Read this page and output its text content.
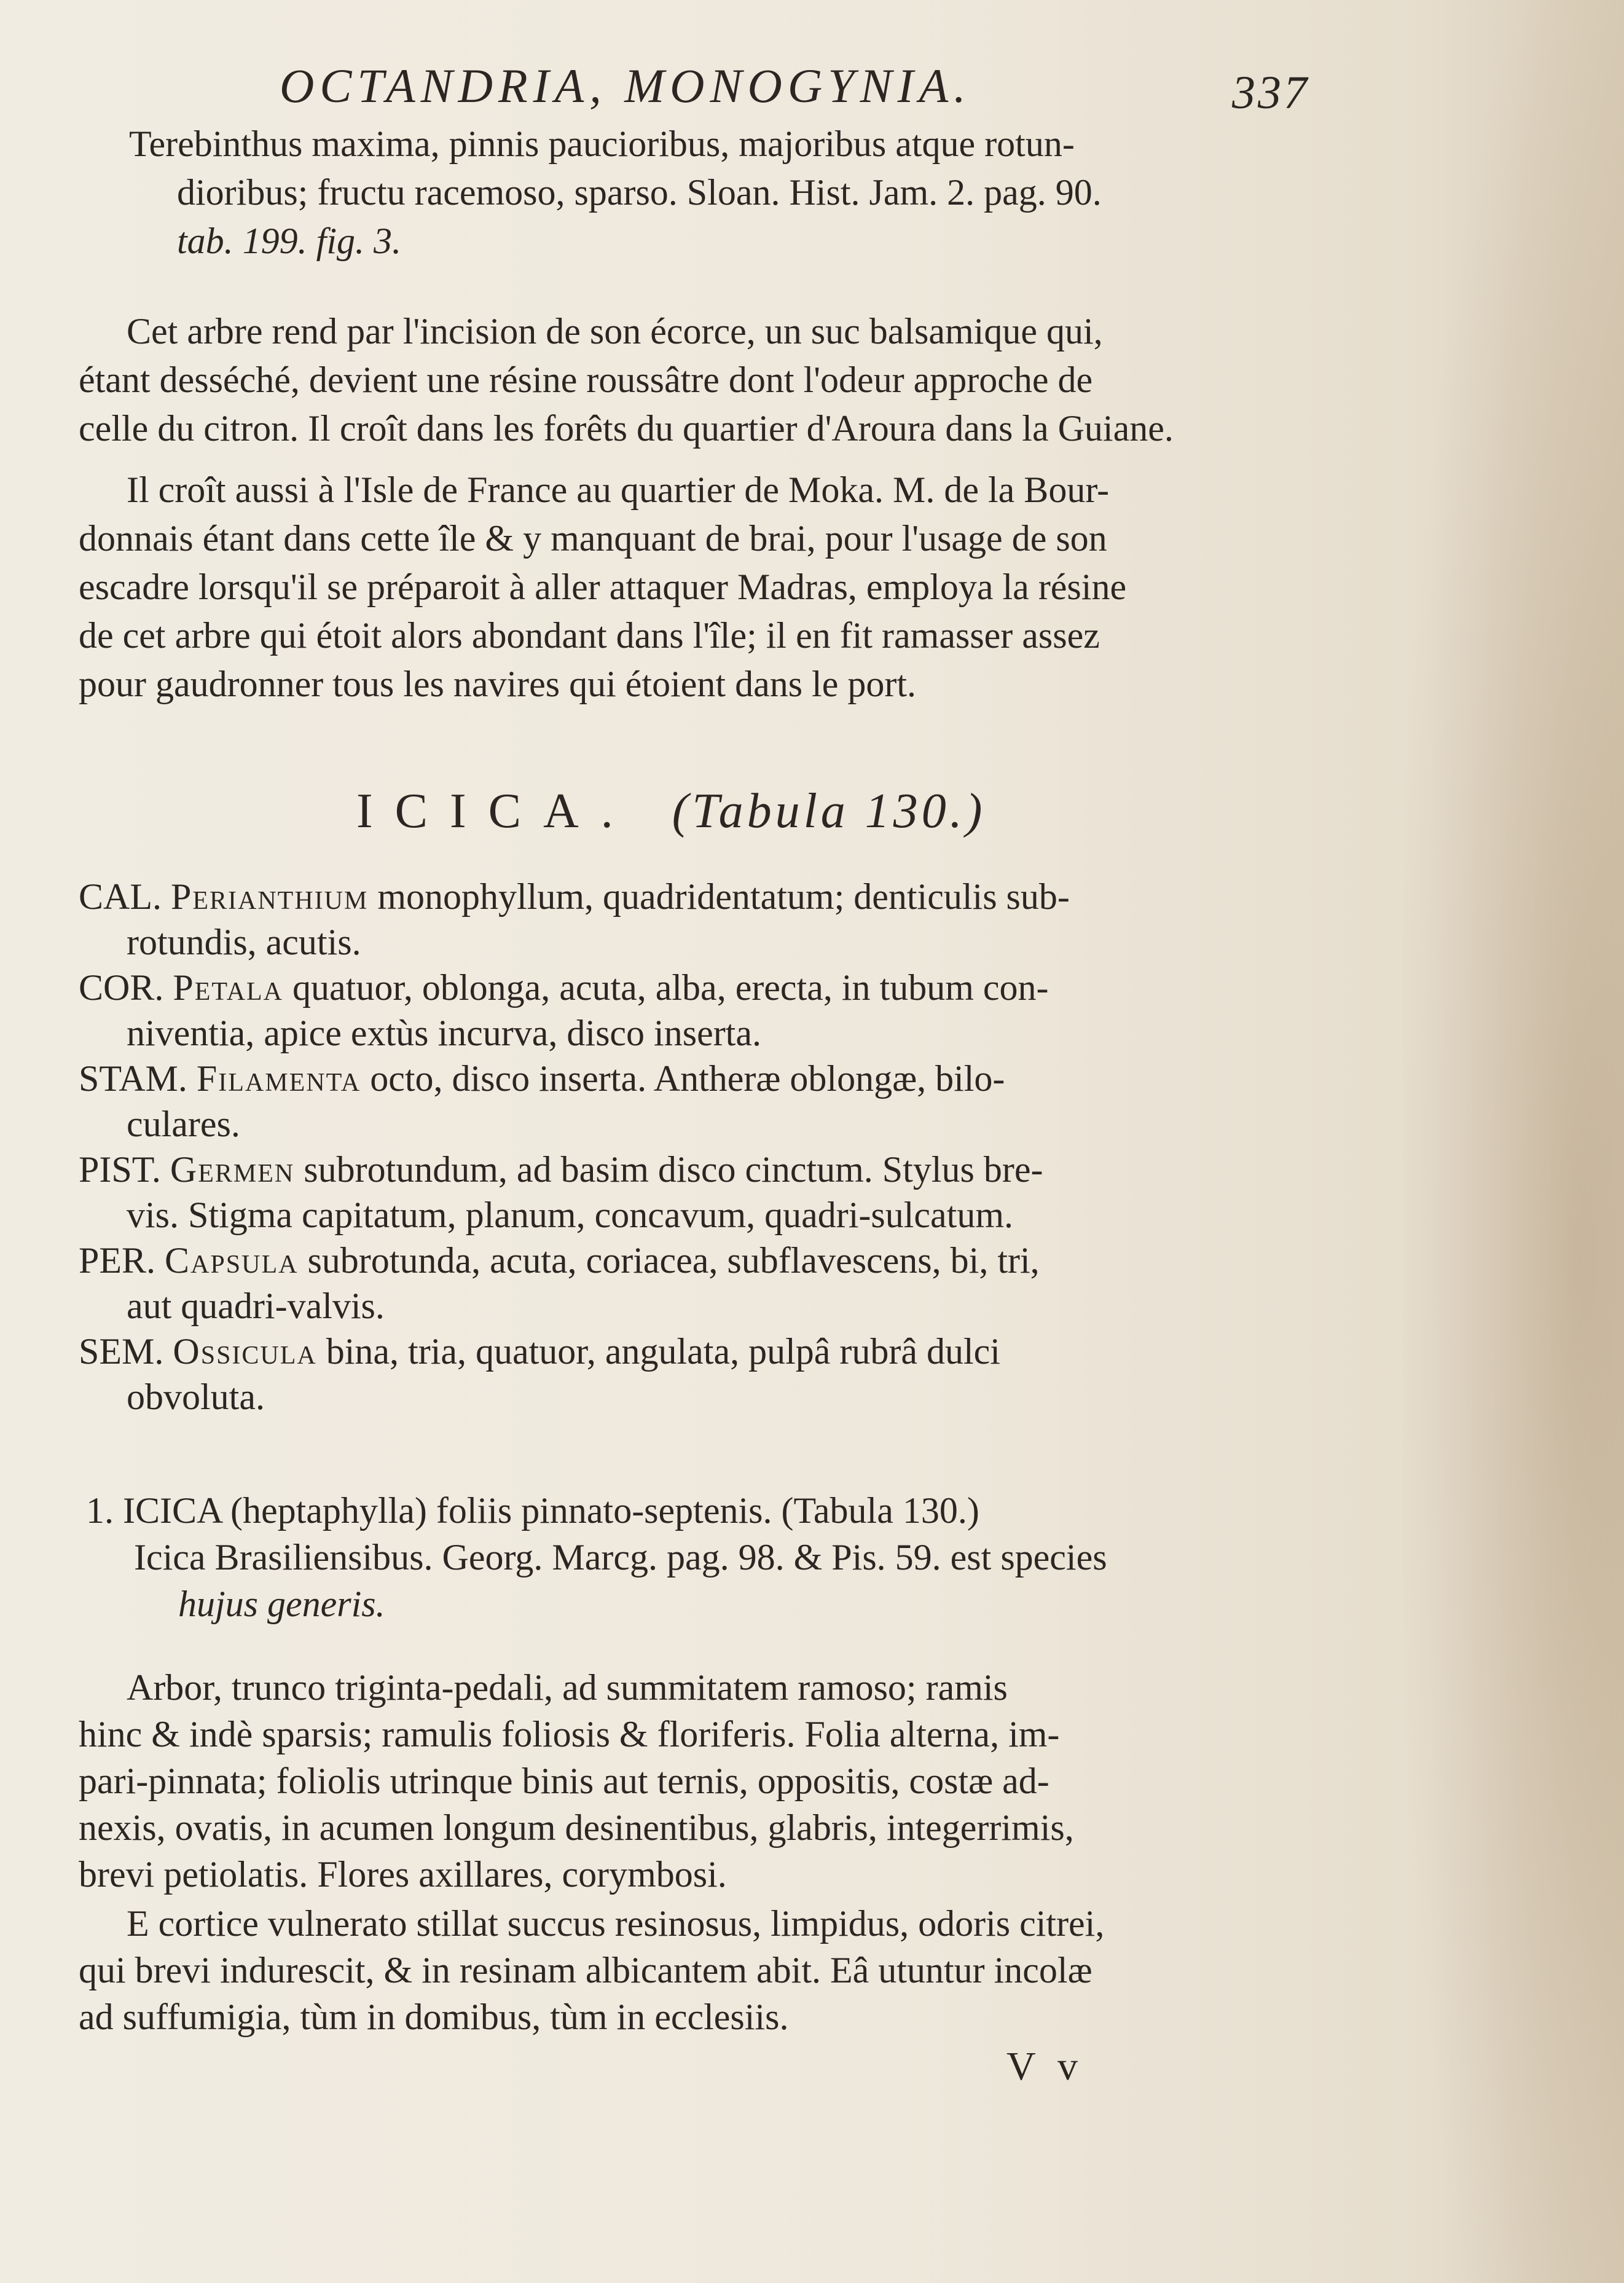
OCTANDRIA, MONOGYNIA.	337
Terebinthus maxima, pinnis paucioribus, majoribus atque rotun-
dioribus; fructu racemoso, sparso. Sloan. Hist. Jam. 2. pag. 90.
tab. 199. fig. 3.
Cet arbre rend par l'incision de son écorce, un suc balsamique qui,
étant desséché, devient une résine roussâtre dont l'odeur approche de
celle du citron. Il croît dans les forêts du quartier d'Aroura dans la Guiane.
Il croît aussi à l'Isle de France au quartier de Moka. M. de la Bour-
donnais étant dans cette île & y manquant de brai, pour l'usage de son
escadre lorsqu'il se préparoit à aller attaquer Madras, employa la résine
de cet arbre qui étoit alors abondant dans l'île; il en fit ramasser assez
pour gaudronner tous les navires qui étoient dans le port.
ICICA. (Tabula 130.)
CAL. Perianthium monophyllum, quadridentatum; denticulis sub-
rotundis, acutis.
COR. Petala quatuor, oblonga, acuta, alba, erecta, in tubum con-
niventia, apice extùs incurva, disco inserta.
STAM. Filamenta octo, disco inserta. Antheræ oblongæ, bilo-
culares.
PIST. Germen subrotundum, ad basim disco cinctum. Stylus bre-
vis. Stigma capitatum, planum, concavum, quadri-sulcatum.
PER. Capsula subrotunda, acuta, coriacea, subflavescens, bi, tri,
aut quadri-valvis.
SEM. Ossicula bina, tria, quatuor, angulata, pulpâ rubrâ dulci
obvoluta.
1. ICICA (heptaphylla) foliis pinnato-septenis. (Tabula 130.)
Icica Brasiliensibus. Georg. Marcg. pag. 98. & Pis. 59. est species
hujus generis.
Arbor, trunco triginta-pedali, ad summitatem ramoso; ramis
hinc & indè sparsis; ramulis foliosis & floriferis. Folia alterna, im-
pari-pinnata; foliolis utrinque binis aut ternis, oppositis, costæ ad-
nexis, ovatis, in acumen longum desinentibus, glabris, integerrimis,
brevi petiolatis. Flores axillares, corymbosi.
E cortice vulnerato stillat succus resinosus, limpidus, odoris citrei,
qui brevi indurescit, & in resinam albicantem abit. Eâ utuntur incolæ
ad suffumigia, tùm in domibus, tùm in ecclesiis.
V v
